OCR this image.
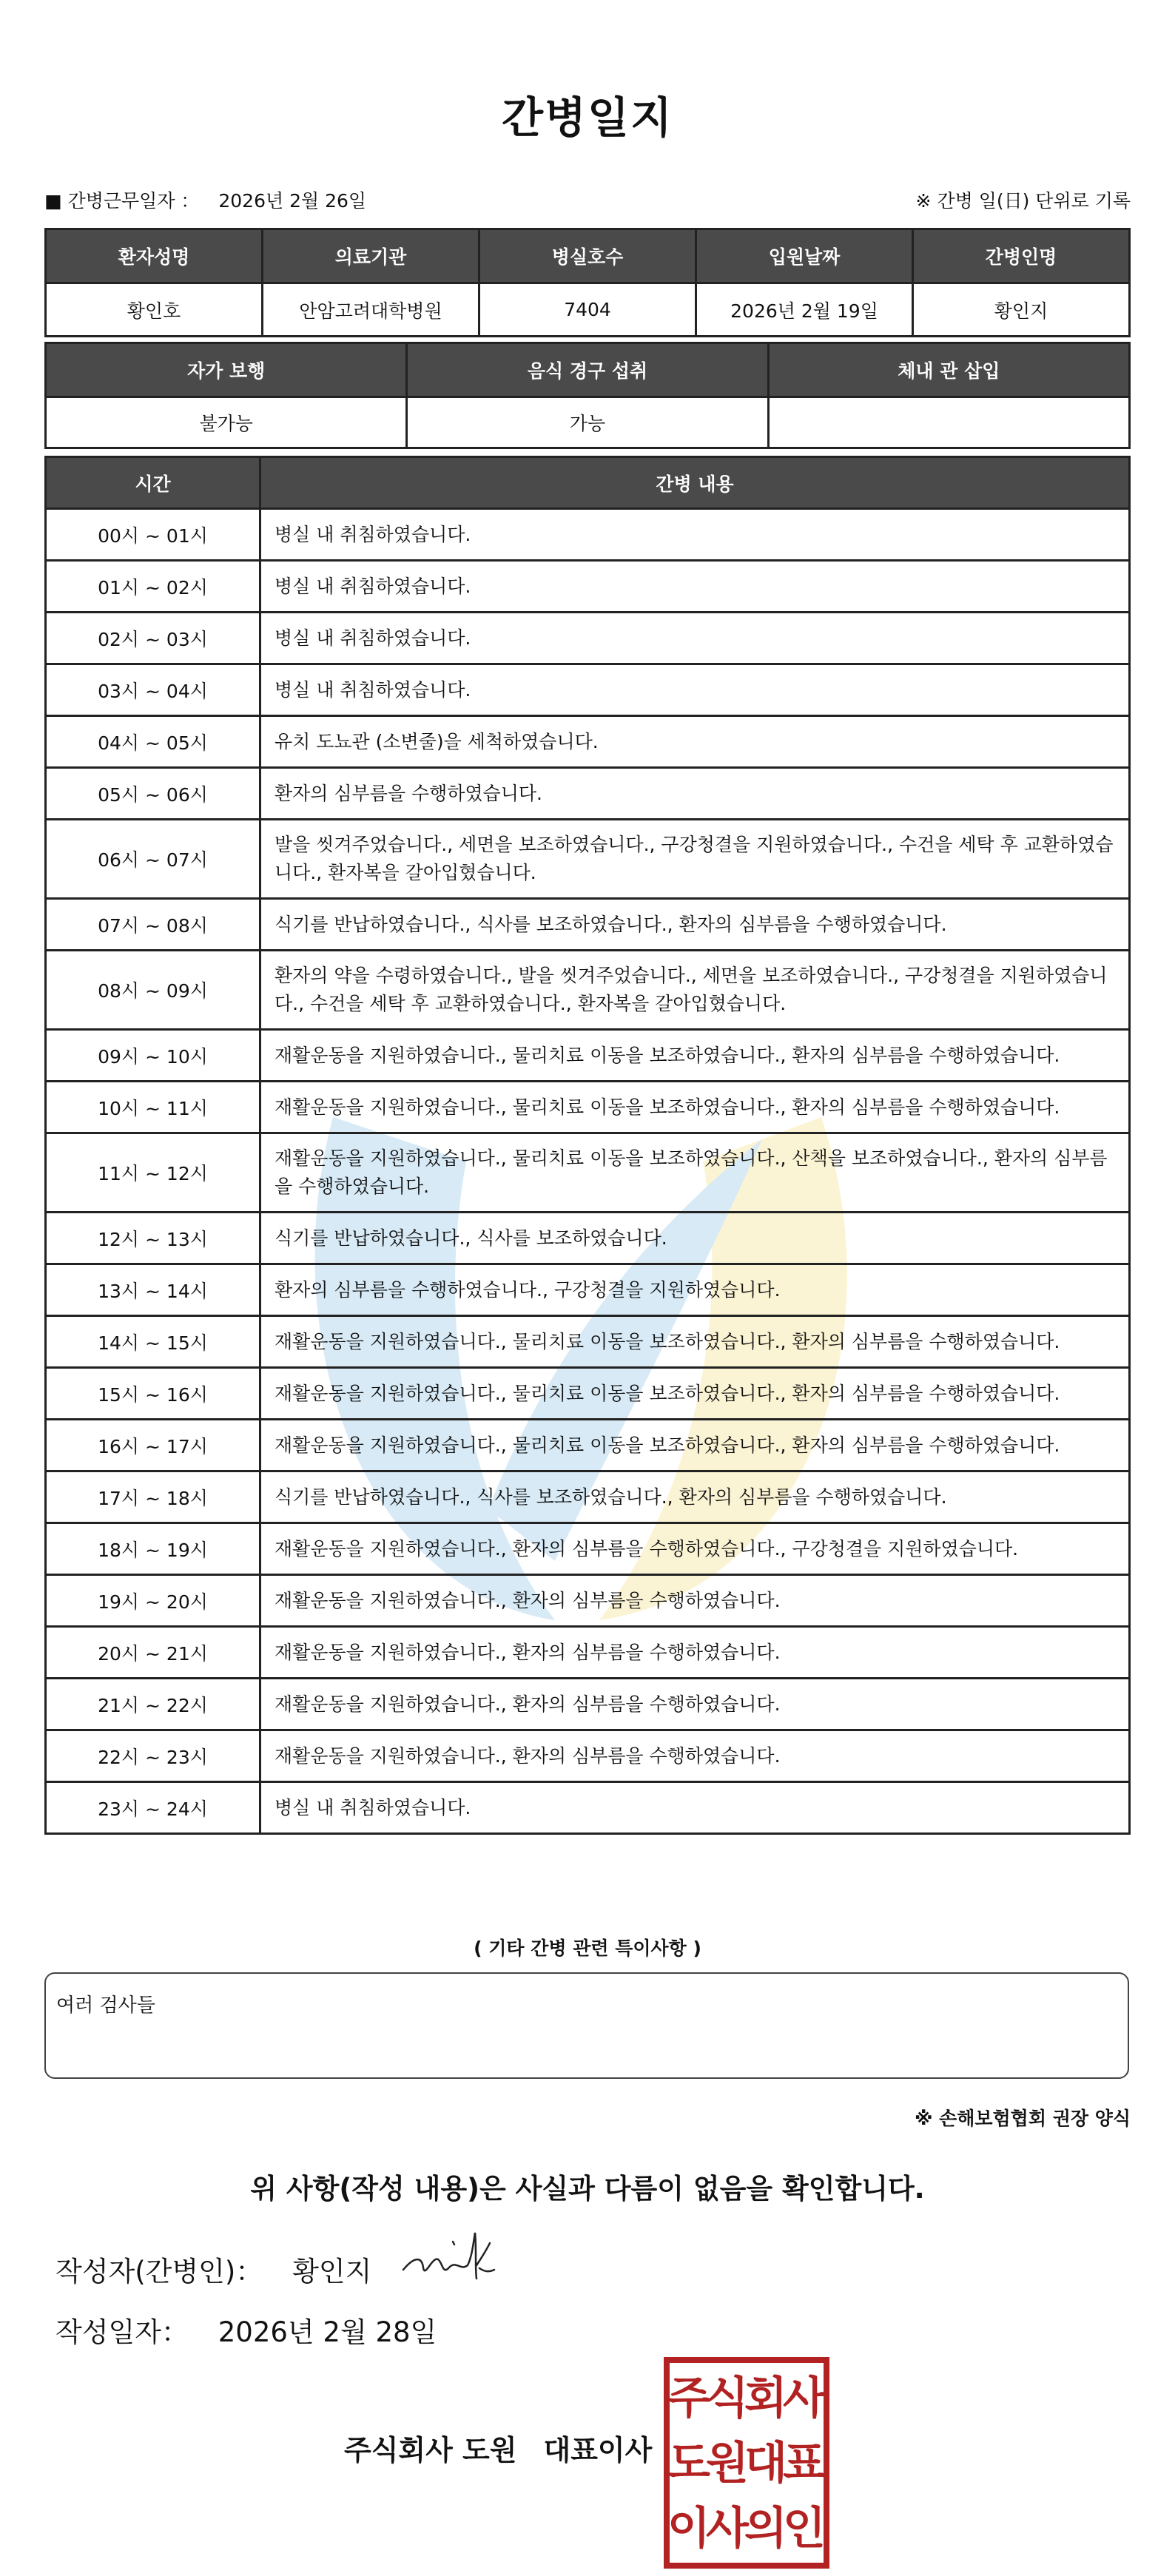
간병일지
■ 간병근무일자 ： 2026년 2월 26일	※ 간병 일(日) 단위로 기록
환자성명	의료기관	병실호수	입원날짜	간병인명
황인호	안암고려대학병원	7404	2026년 2월 19일	황인지
자가 보행	음식 경구 섭취	체내 관 삽입
불가능	가능	
시간	간병 내용
00시 ~ 01시	병실 내 취침하였습니다.
01시 ~ 02시	병실 내 취침하였습니다.
02시 ~ 03시	병실 내 취침하였습니다.
03시 ~ 04시	병실 내 취침하였습니다.
04시 ~ 05시	유치 도뇨관 (소변줄)을 세척하였습니다.
05시 ~ 06시	환자의 심부름을 수행하였습니다.
06시 ~ 07시	발을 씻겨주었습니다., 세면을 보조하였습니다., 구강청결을 지원하였습니다., 수건을 세탁 후 교환하였습니다., 환자복을 갈아입혔습니다.
07시 ~ 08시	식기를 반납하였습니다., 식사를 보조하였습니다., 환자의 심부름을 수행하였습니다.
08시 ~ 09시	환자의 약을 수령하였습니다., 발을 씻겨주었습니다., 세면을 보조하였습니다., 구강청결을 지원하였습니다., 수건을 세탁 후 교환하였습니다., 환자복을 갈아입혔습니다.
09시 ~ 10시	재활운동을 지원하였습니다., 물리치료 이동을 보조하였습니다., 환자의 심부름을 수행하였습니다.
10시 ~ 11시	재활운동을 지원하였습니다., 물리치료 이동을 보조하였습니다., 환자의 심부름을 수행하였습니다.
11시 ~ 12시	재활운동을 지원하였습니다., 물리치료 이동을 보조하였습니다., 산책을 보조하였습니다., 환자의 심부름을 수행하였습니다.
12시 ~ 13시	식기를 반납하였습니다., 식사를 보조하였습니다.
13시 ~ 14시	환자의 심부름을 수행하였습니다., 구강청결을 지원하였습니다.
14시 ~ 15시	재활운동을 지원하였습니다., 물리치료 이동을 보조하였습니다., 환자의 심부름을 수행하였습니다.
15시 ~ 16시	재활운동을 지원하였습니다., 물리치료 이동을 보조하였습니다., 환자의 심부름을 수행하였습니다.
16시 ~ 17시	재활운동을 지원하였습니다., 물리치료 이동을 보조하였습니다., 환자의 심부름을 수행하였습니다.
17시 ~ 18시	식기를 반납하였습니다., 식사를 보조하였습니다., 환자의 심부름을 수행하였습니다.
18시 ~ 19시	재활운동을 지원하였습니다., 환자의 심부름을 수행하였습니다., 구강청결을 지원하였습니다.
19시 ~ 20시	재활운동을 지원하였습니다., 환자의 심부름을 수행하였습니다.
20시 ~ 21시	재활운동을 지원하였습니다., 환자의 심부름을 수행하였습니다.
21시 ~ 22시	재활운동을 지원하였습니다., 환자의 심부름을 수행하였습니다.
22시 ~ 23시	재활운동을 지원하였습니다., 환자의 심부름을 수행하였습니다.
23시 ~ 24시	병실 내 취침하였습니다.
( 기타 간병 관련 특이사항 )
여러 검사들
※ 손해보험협회 권장 양식
위 사항(작성 내용)은 사실과 다름이 없음을 확인합니다.
작성자(간병인)： 황인지
작성일자： 2026년 2월 28일
주식회사 도원 대표이사
주
식
회
사
도
원
대
표
이
사
의
인
